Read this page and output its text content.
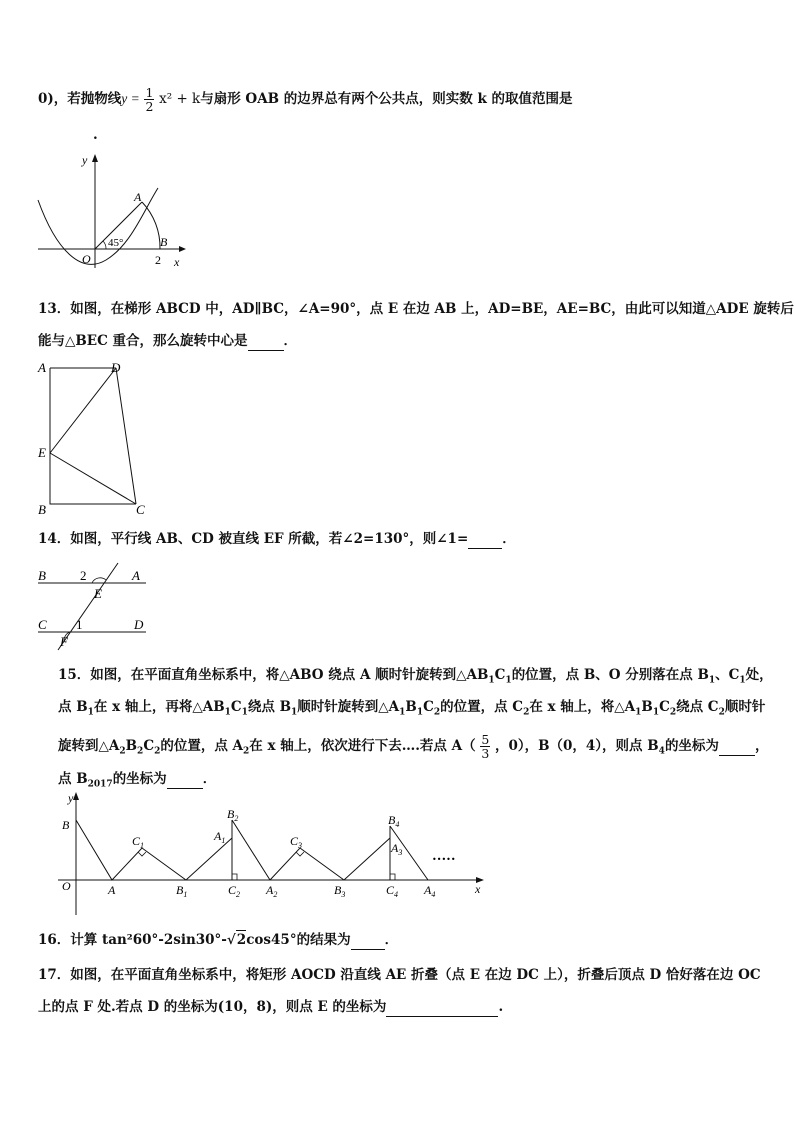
0)，若抛物线$y = \frac{1}{2} x^2 + k$与扇形 OAB 的边界总有两个公共点，则实数 k 的取值范围是
.
y
x
A
B
O	2
45°
13．如图，在梯形 ABCD 中，AD∥BC，∠A=90°，点 E 在边 AB 上，AD=BE，AE=BC，由此可以知道△ADE 旋转后
能与△BEC 重合，那么旋转中心是	．
A	D
E
B	C
14．如图，平行线 AB、CD 被直线 EF 所截，若∠2=130°，则∠1=	．
B	A
2
E
C 1	D
F
15．如图，在平面直角坐标系中，将△ABO 绕点 A 顺时针旋转到$\triangle AB_1C_1$的位置，点 B、O 分别落在点 $B_1$、$C_1$处，
点 $B_1$在 x 轴上，再将$\triangle AB_1C_1$绕点 $B_1$顺时针旋转到$\triangle A_1B_1C_2$的位置，点 $C_2$在 x 轴上，将$\triangle A_1B_1C_2$绕点 $C_2$顺时针
旋转到$\triangle A_2B_2C_2$的位置，点 $A_2$在 x 轴上，依次进行下去….若点 $A( \frac{5}{3}$ ，0），B（0，4），则点 $B_4$的坐标为	，
点 $B_{2017}$的坐标为	．
y
x
B
O	A
$C_1$
$B_1$
$A_1$
$B_2$
$C_2$ $A_2$
$C_3$
$B_3$
$B_4$
$A_3$
$C_4$ $A_4$
•••••
16．计算 tan²60°-2sin30°-√2cos45°的结果为	．
17．如图，在平面直角坐标系中，将矩形 AOCD 沿直线 AE 折叠（点 E 在边 DC 上），折叠后顶点 D 恰好落在边 OC
上的点 F 处.若点 D 的坐标为(10，8)，则点 E 的坐标为	.
